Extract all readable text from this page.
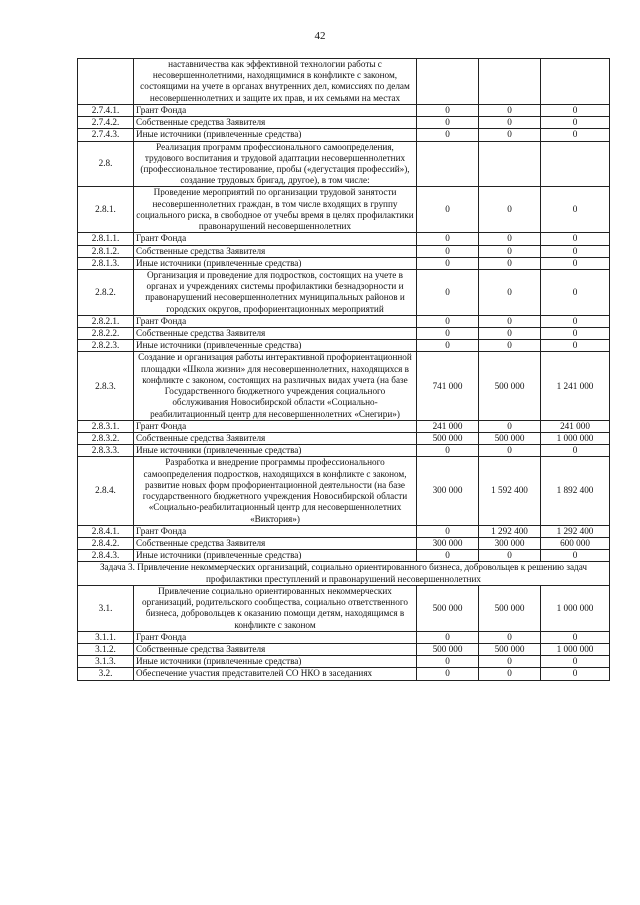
42
	наставничества как эффективной технологии работы с несовершеннолетними, находящимися в конфликте с законом, состоящими на учете в органах внутренних дел, комиссиях по делам несовершеннолетних и защите их прав, и их семьями на местах			
2.7.4.1.	Грант Фонда	0	0	0
2.7.4.2.	Собственные средства Заявителя	0	0	0
2.7.4.3.	Иные источники (привлеченные средства)	0	0	0
2.8.	Реализация программ профессионального самоопределения, трудового воспитания и трудовой адаптации несовершеннолетних (профессиональное тестирование, пробы («дегустация профессий»), создание трудовых бригад, другое), в том числе:			
2.8.1.	Проведение мероприятий по организации трудовой занятости несовершеннолетних граждан, в том числе входящих в группу социального риска, в свободное от учебы время в целях профилактики правонарушений несовершеннолетних	0	0	0
2.8.1.1.	Грант Фонда	0	0	0
2.8.1.2.	Собственные средства Заявителя	0	0	0
2.8.1.3.	Иные источники (привлеченные средства)	0	0	0
2.8.2.	Организация и проведение для подростков, состоящих на учете в органах и учреждениях системы профилактики безнадзорности и правонарушений несовершеннолетних муниципальных районов и городских округов, профориентационных мероприятий	0	0	0
2.8.2.1.	Грант Фонда	0	0	0
2.8.2.2.	Собственные средства Заявителя	0	0	0
2.8.2.3.	Иные источники (привлеченные средства)	0	0	0
2.8.3.	Создание и организация работы интерактивной профориентационной площадки «Школа жизни» для несовершеннолетних, находящихся в конфликте с законом, состоящих на различных видах учета (на базе Государственного бюджетного учреждения социального обслуживания Новосибирской области «Социально-реабилитационный центр для несовершеннолетних «Снегири»)	741 000	500 000	1 241 000
2.8.3.1.	Грант Фонда	241 000	0	241 000
2.8.3.2.	Собственные средства Заявителя	500 000	500 000	1 000 000
2.8.3.3.	Иные источники (привлеченные средства)	0	0	0
2.8.4.	Разработка и внедрение программы профессионального самоопределения подростков, находящихся в конфликте с законом, развитие новых форм профориентационной деятельности (на базе государственного бюджетного учреждения Новосибирской области «Социально-реабилитационный центр для несовершеннолетних «Виктория»)	300 000	1 592 400	1 892 400
2.8.4.1.	Грант Фонда	0	1 292 400	1 292 400
2.8.4.2.	Собственные средства Заявителя	300 000	300 000	600 000
2.8.4.3.	Иные источники (привлеченные средства)	0	0	0
Задача 3. Привлечение некоммерческих организаций, социально ориентированного бизнеса, добровольцев к решению задач профилактики преступлений и правонарушений несовершеннолетних				
3.1.	Привлечение социально ориентированных некоммерческих организаций, родительского сообщества, социально ответственного бизнеса, добровольцев к оказанию помощи детям, находящимся в конфликте с законом	500 000	500 000	1 000 000
3.1.1.	Грант Фонда	0	0	0
3.1.2.	Собственные средства Заявителя	500 000	500 000	1 000 000
3.1.3.	Иные источники (привлеченные средства)	0	0	0
3.2.	Обеспечение участия представителей СО НКО в заседаниях	0	0	0
